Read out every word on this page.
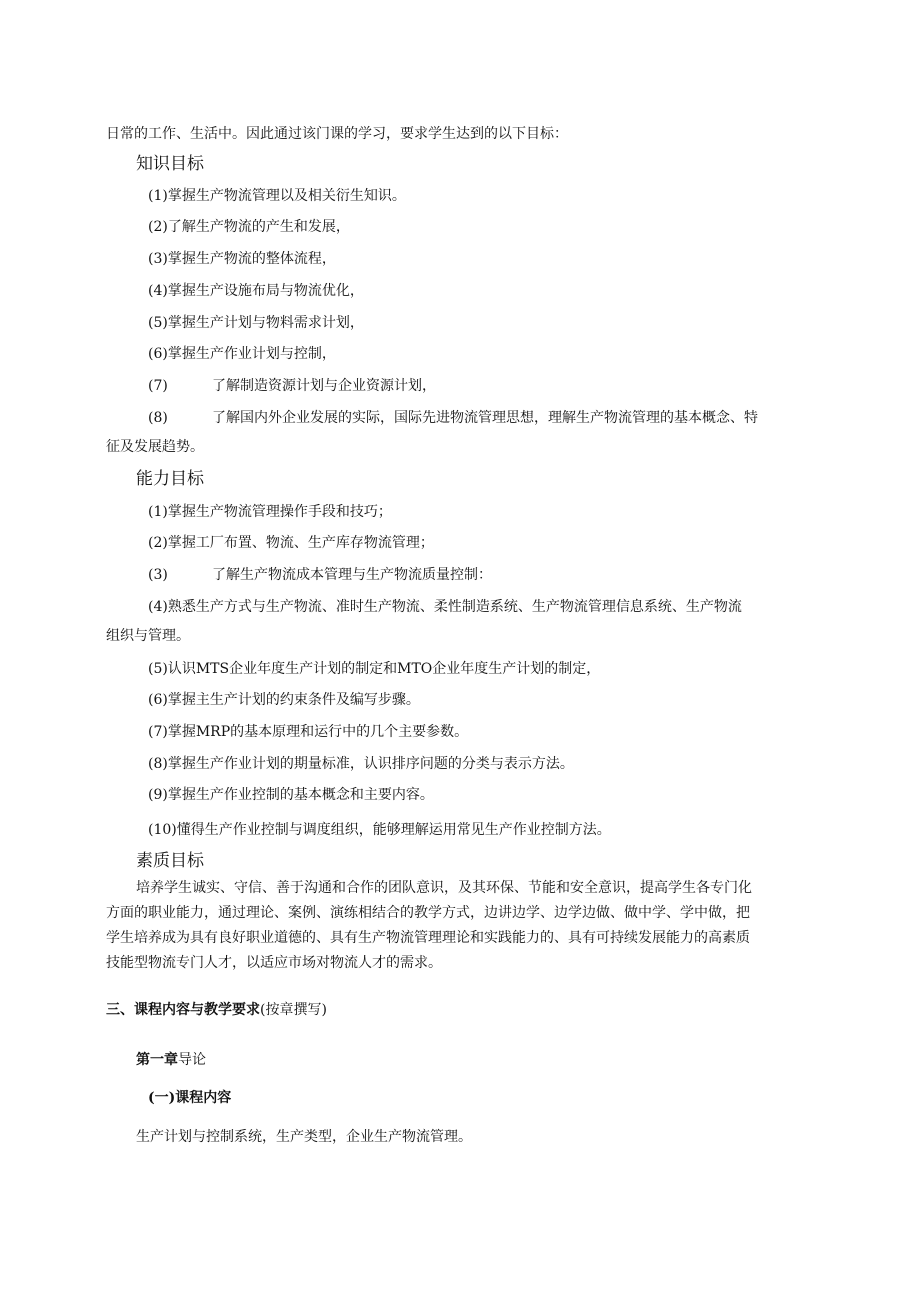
日常的工作、生活中。因此通过该门课的学习，要求学生达到的以下目标：
知识目标
(1)掌握生产物流管理以及相关衍生知识。
(2)了解生产物流的产生和发展，
(3)掌握生产物流的整体流程，
(4)掌握生产设施布局与物流优化，
(5)掌握生产计划与物料需求计划，
(6)掌握生产作业计划与控制，
(7)	了解制造资源计划与企业资源计划，
(8)	了解国内外企业发展的实际，国际先进物流管理思想，理解生产物流管理的基本概念、特
征及发展趋势。
能力目标
(1)掌握生产物流管理操作手段和技巧；
(2)掌握工厂布置、物流、生产库存物流管理；
(3)	了解生产物流成本管理与生产物流质量控制：
(4)熟悉生产方式与生产物流、准时生产物流、柔性制造系统、生产物流管理信息系统、生产物流
组织与管理。
(5)认识MTS企业年度生产计划的制定和MTO企业年度生产计划的制定，
(6)掌握主生产计划的约束条件及编写步骤。
(7)掌握MRP的基本原理和运行中的几个主要参数。
(8)掌握生产作业计划的期量标准，认识排序问题的分类与表示方法。
(9)掌握生产作业控制的基本概念和主要内容。
(10)懂得生产作业控制与调度组织，能够理解运用常见生产作业控制方法。
素质目标
培养学生诚实、守信、善于沟通和合作的团队意识，及其环保、节能和安全意识，提高学生各专门化
方面的职业能力，通过理论、案例、演练相结合的教学方式，边讲边学、边学边做、做中学、学中做，把
学生培养成为具有良好职业道德的、具有生产物流管理理论和实践能力的、具有可持续发展能力的高素质
技能型物流专门人才，以适应市场对物流人才的需求。
三、课程内容与教学要求(按章撰写)
第一章导论
(一)课程内容
生产计划与控制系统，生产类型，企业生产物流管理。
